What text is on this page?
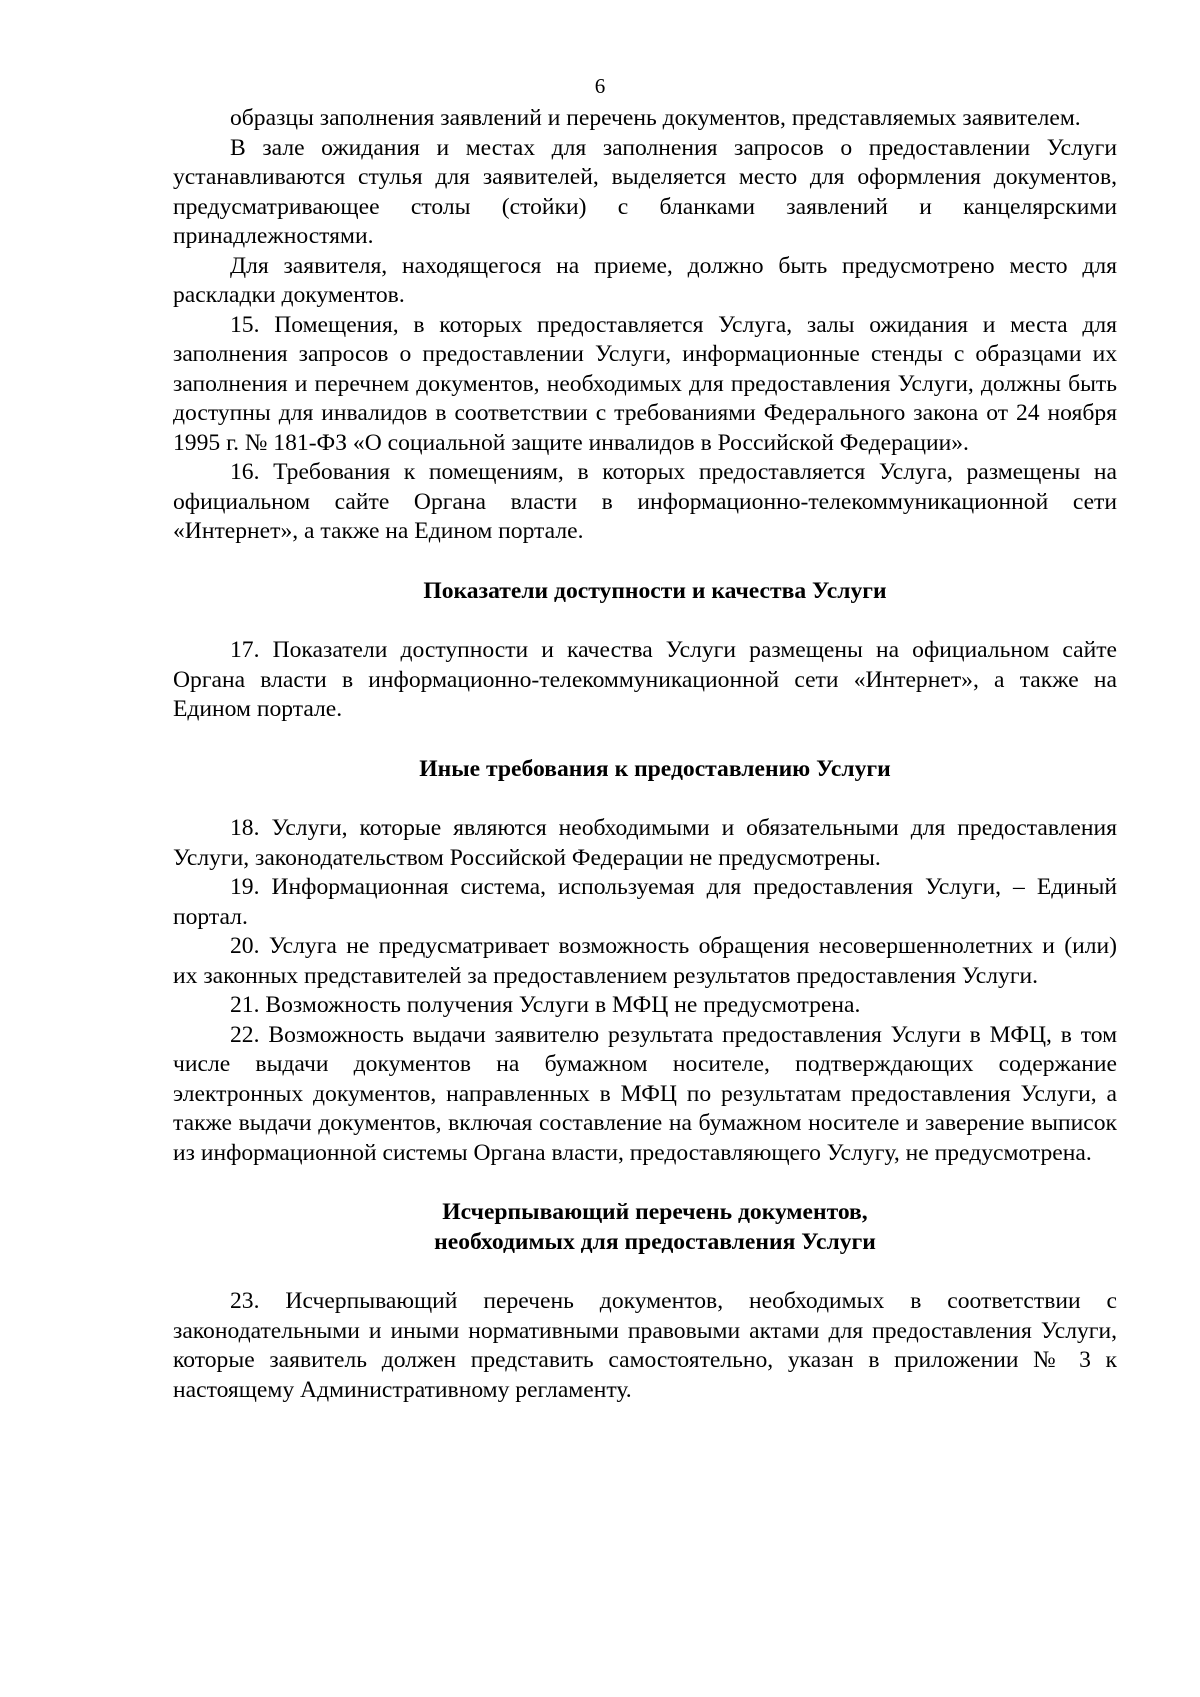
6

образцы заполнения заявлений и перечень документов, представляемых заявителем.

В зале ожидания и местах для заполнения запросов о предоставлении Услуги устанавливаются стулья для заявителей, выделяется место для оформления документов, предусматривающее столы (стойки) с бланками заявлений и канцелярскими принадлежностями.

Для заявителя, находящегося на приеме, должно быть предусмотрено место для раскладки документов.

15. Помещения, в которых предоставляется Услуга, залы ожидания и места для заполнения запросов о предоставлении Услуги, информационные стенды с образцами их заполнения и перечнем документов, необходимых для предоставления Услуги, должны быть доступны для инвалидов в соответствии с требованиями Федерального закона от 24 ноября 1995 г. № 181-ФЗ «О социальной защите инвалидов в Российской Федерации».

16. Требования к помещениям, в которых предоставляется Услуга, размещены на официальном сайте Органа власти в информационно-телекоммуникационной сети «Интернет», а также на Едином портале.

Показатели доступности и качества Услуги

17. Показатели доступности и качества Услуги размещены на официальном сайте Органа власти в информационно-телекоммуникационной сети «Интернет», а также на Едином портале.

Иные требования к предоставлению Услуги

18. Услуги, которые являются необходимыми и обязательными для предоставления Услуги, законодательством Российской Федерации не предусмотрены.

19. Информационная система, используемая для предоставления Услуги, – Единый портал.

20. Услуга не предусматривает возможность обращения несовершеннолетних и (или) их законных представителей за предоставлением результатов предоставления Услуги.

21. Возможность получения Услуги в МФЦ не предусмотрена.

22. Возможность выдачи заявителю результата предоставления Услуги в МФЦ, в том числе выдачи документов на бумажном носителе, подтверждающих содержание электронных документов, направленных в МФЦ по результатам предоставления Услуги, а также выдачи документов, включая составление на бумажном носителе и заверение выписок из информационной системы Органа власти, предоставляющего Услугу, не предусмотрена.

Исчерпывающий перечень документов,
необходимых для предоставления Услуги

23. Исчерпывающий перечень документов, необходимых в соответствии с законодательными и иными нормативными правовыми актами для предоставления Услуги, которые заявитель должен представить самостоятельно, указан в приложении № 3 к настоящему Административному регламенту.
